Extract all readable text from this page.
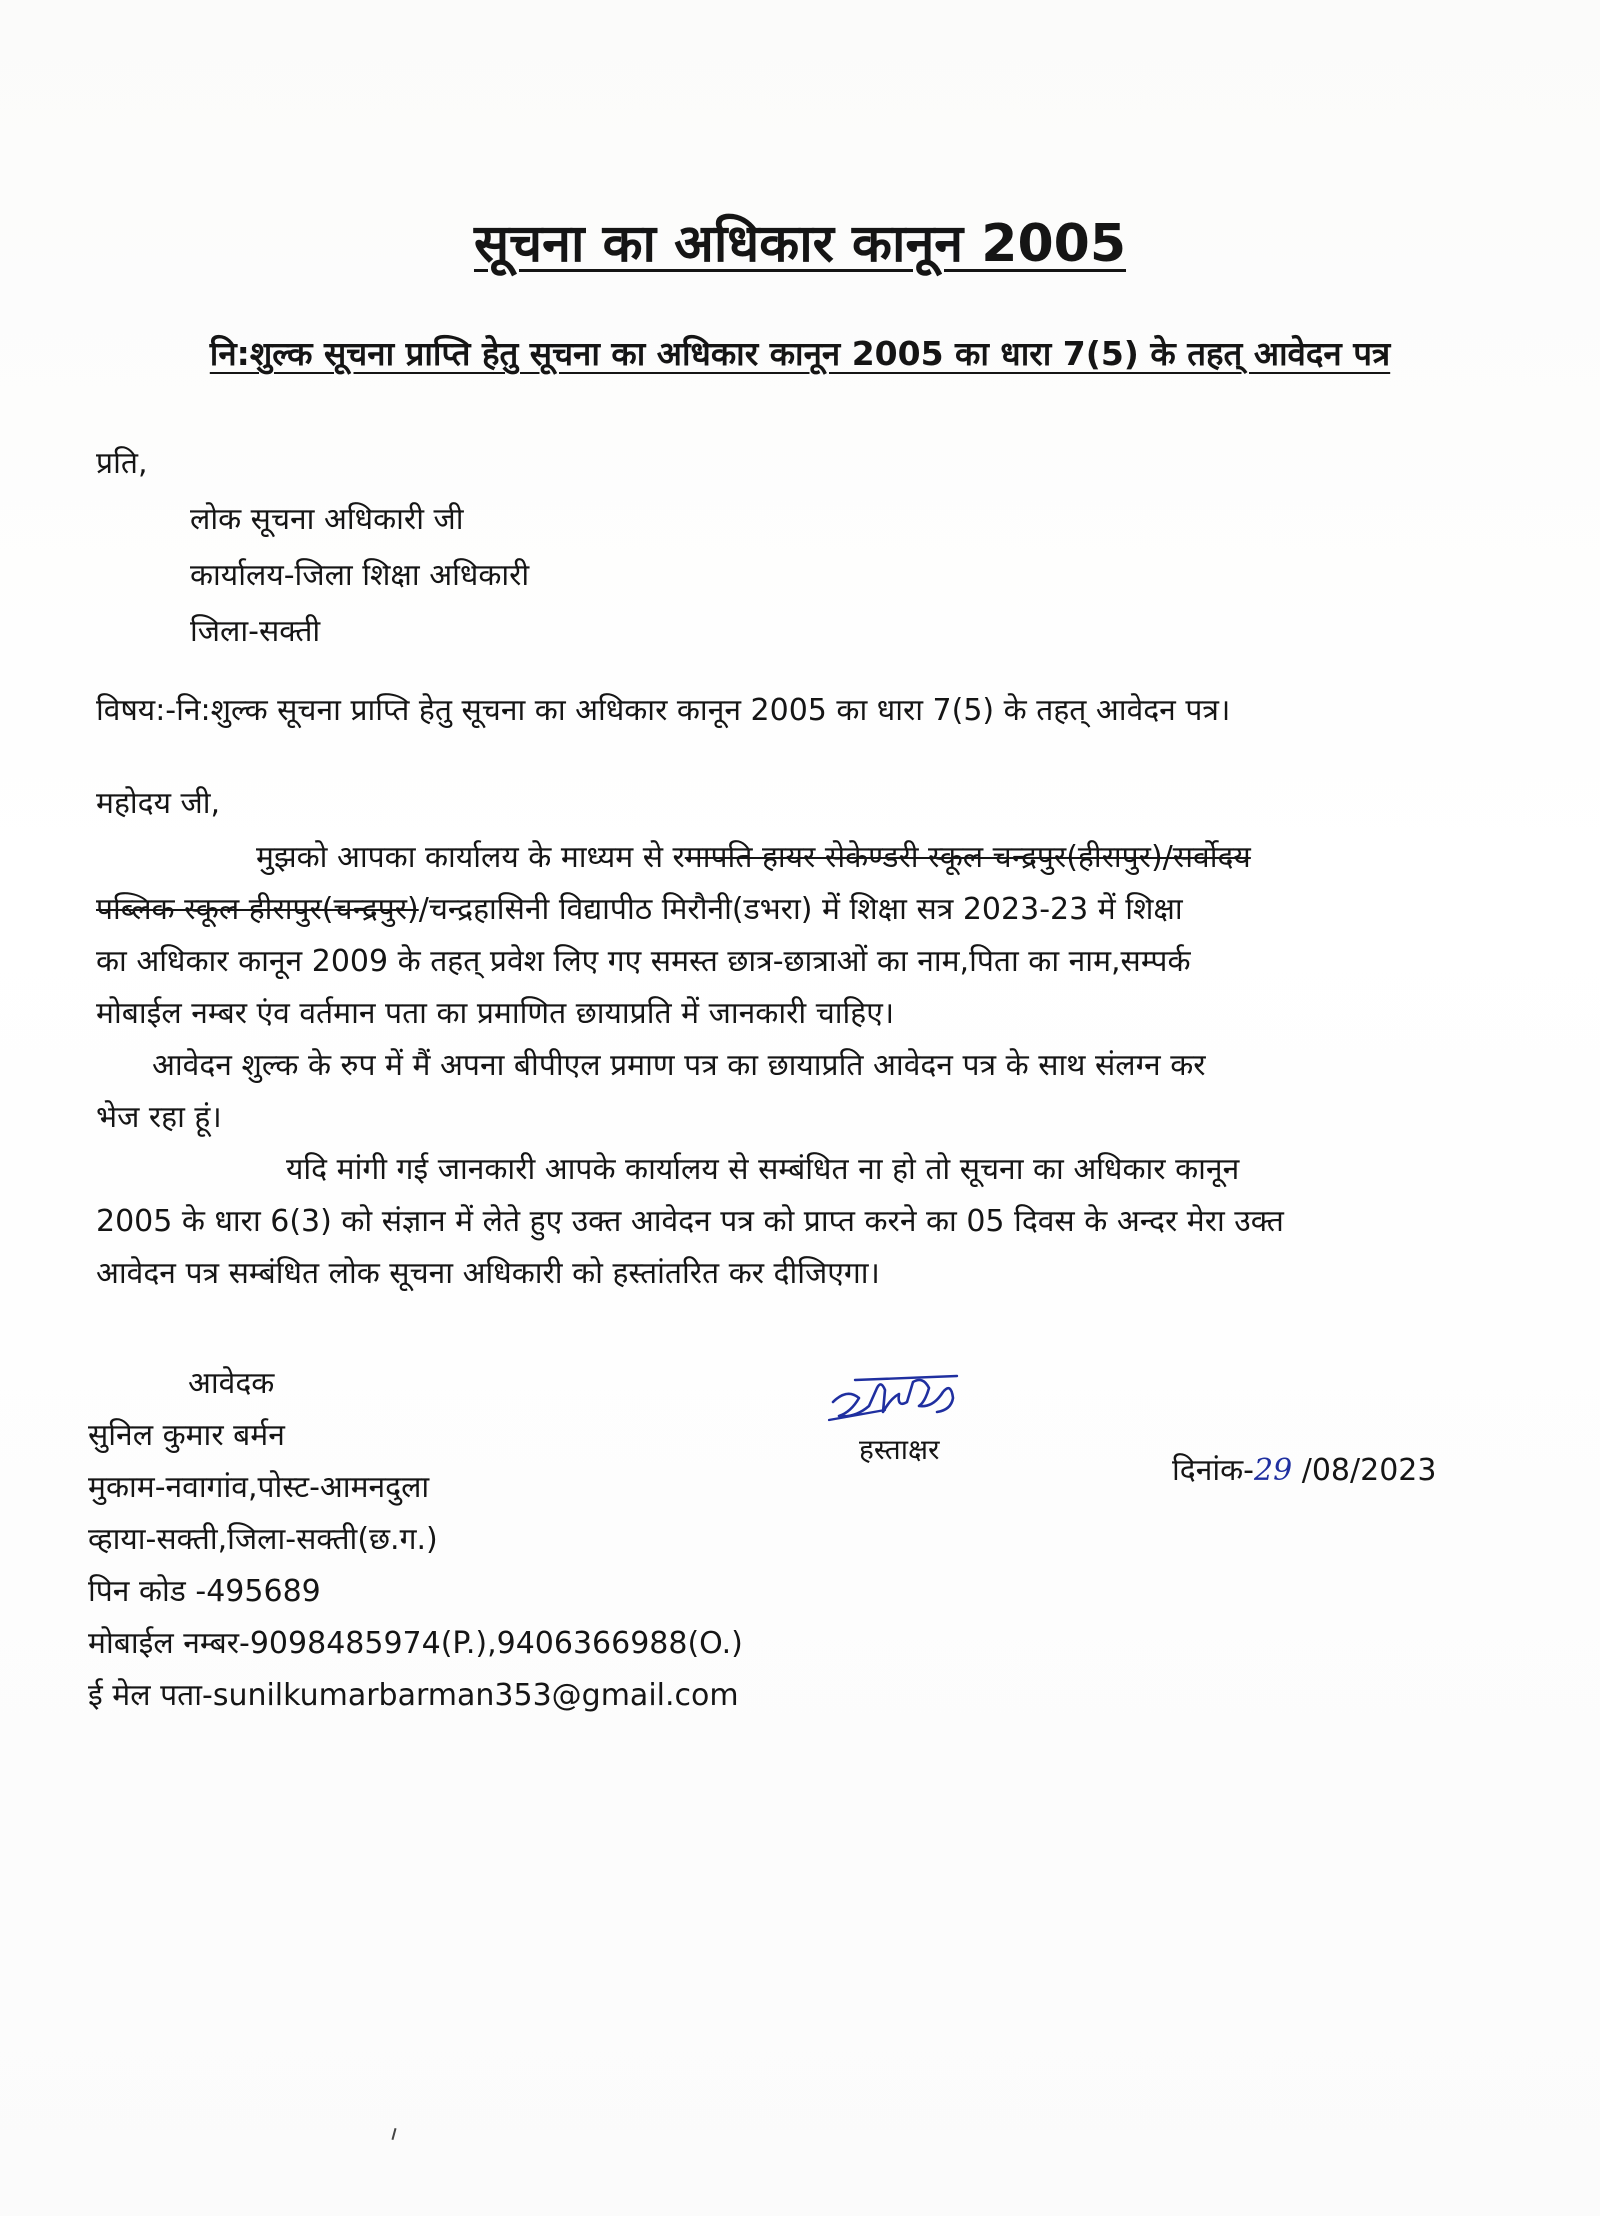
सूचना का अधिकार कानून 2005
नि:शुल्क सूचना प्राप्ति हेतु सूचना का अधिकार कानून 2005 का धारा 7(5) के तहत् आवेदन पत्र
प्रति,
लोक सूचना अधिकारी जी
कार्यालय-जिला शिक्षा अधिकारी
जिला-सक्ती
विषय:-नि:शुल्क सूचना प्राप्ति हेतु सूचना का अधिकार कानून 2005 का धारा 7(5) के तहत् आवेदन पत्र।
महोदय जी,
मुझको आपका कार्यालय के माध्यम से रमापति हायर सेकेण्डरी स्कूल चन्द्रपुर(हीरापुर)/सर्वोदय
पब्लिक स्कूल हीरापुर(चन्द्रपुर)/चन्द्रहासिनी विद्यापीठ मिरौनी(डभरा) में शिक्षा सत्र 2023-23 में शिक्षा
का अधिकार कानून 2009 के तहत् प्रवेश लिए गए समस्त छात्र-छात्राओं का नाम,पिता का नाम,सम्पर्क
मोबाईल नम्बर एंव वर्तमान पता का प्रमाणित छायाप्रति में जानकारी चाहिए।
आवेदन शुल्क के रुप में मैं अपना बीपीएल प्रमाण पत्र का छायाप्रति आवेदन पत्र के साथ संलग्न कर
भेज रहा हूं।
यदि मांगी गई जानकारी आपके कार्यालय से सम्बंधित ना हो तो सूचना का अधिकार कानून
2005 के धारा 6(3) को संज्ञान में लेते हुए उक्त आवेदन पत्र को प्राप्त करने का 05 दिवस के अन्दर मेरा उक्त
आवेदन पत्र सम्बंधित लोक सूचना अधिकारी को हस्तांतरित कर दीजिएगा।
आवेदक
सुनिल कुमार बर्मन
मुकाम-नवागांव,पोस्ट-आमनदुला
व्हाया-सक्ती,जिला-सक्ती(छ.ग.)
पिन कोड -495689
मोबाईल नम्बर-9098485974(P.),9406366988(O.)
ई मेल पता-sunilkumarbarman353@gmail.com
हस्ताक्षर
दिनांक-29 /08/2023
